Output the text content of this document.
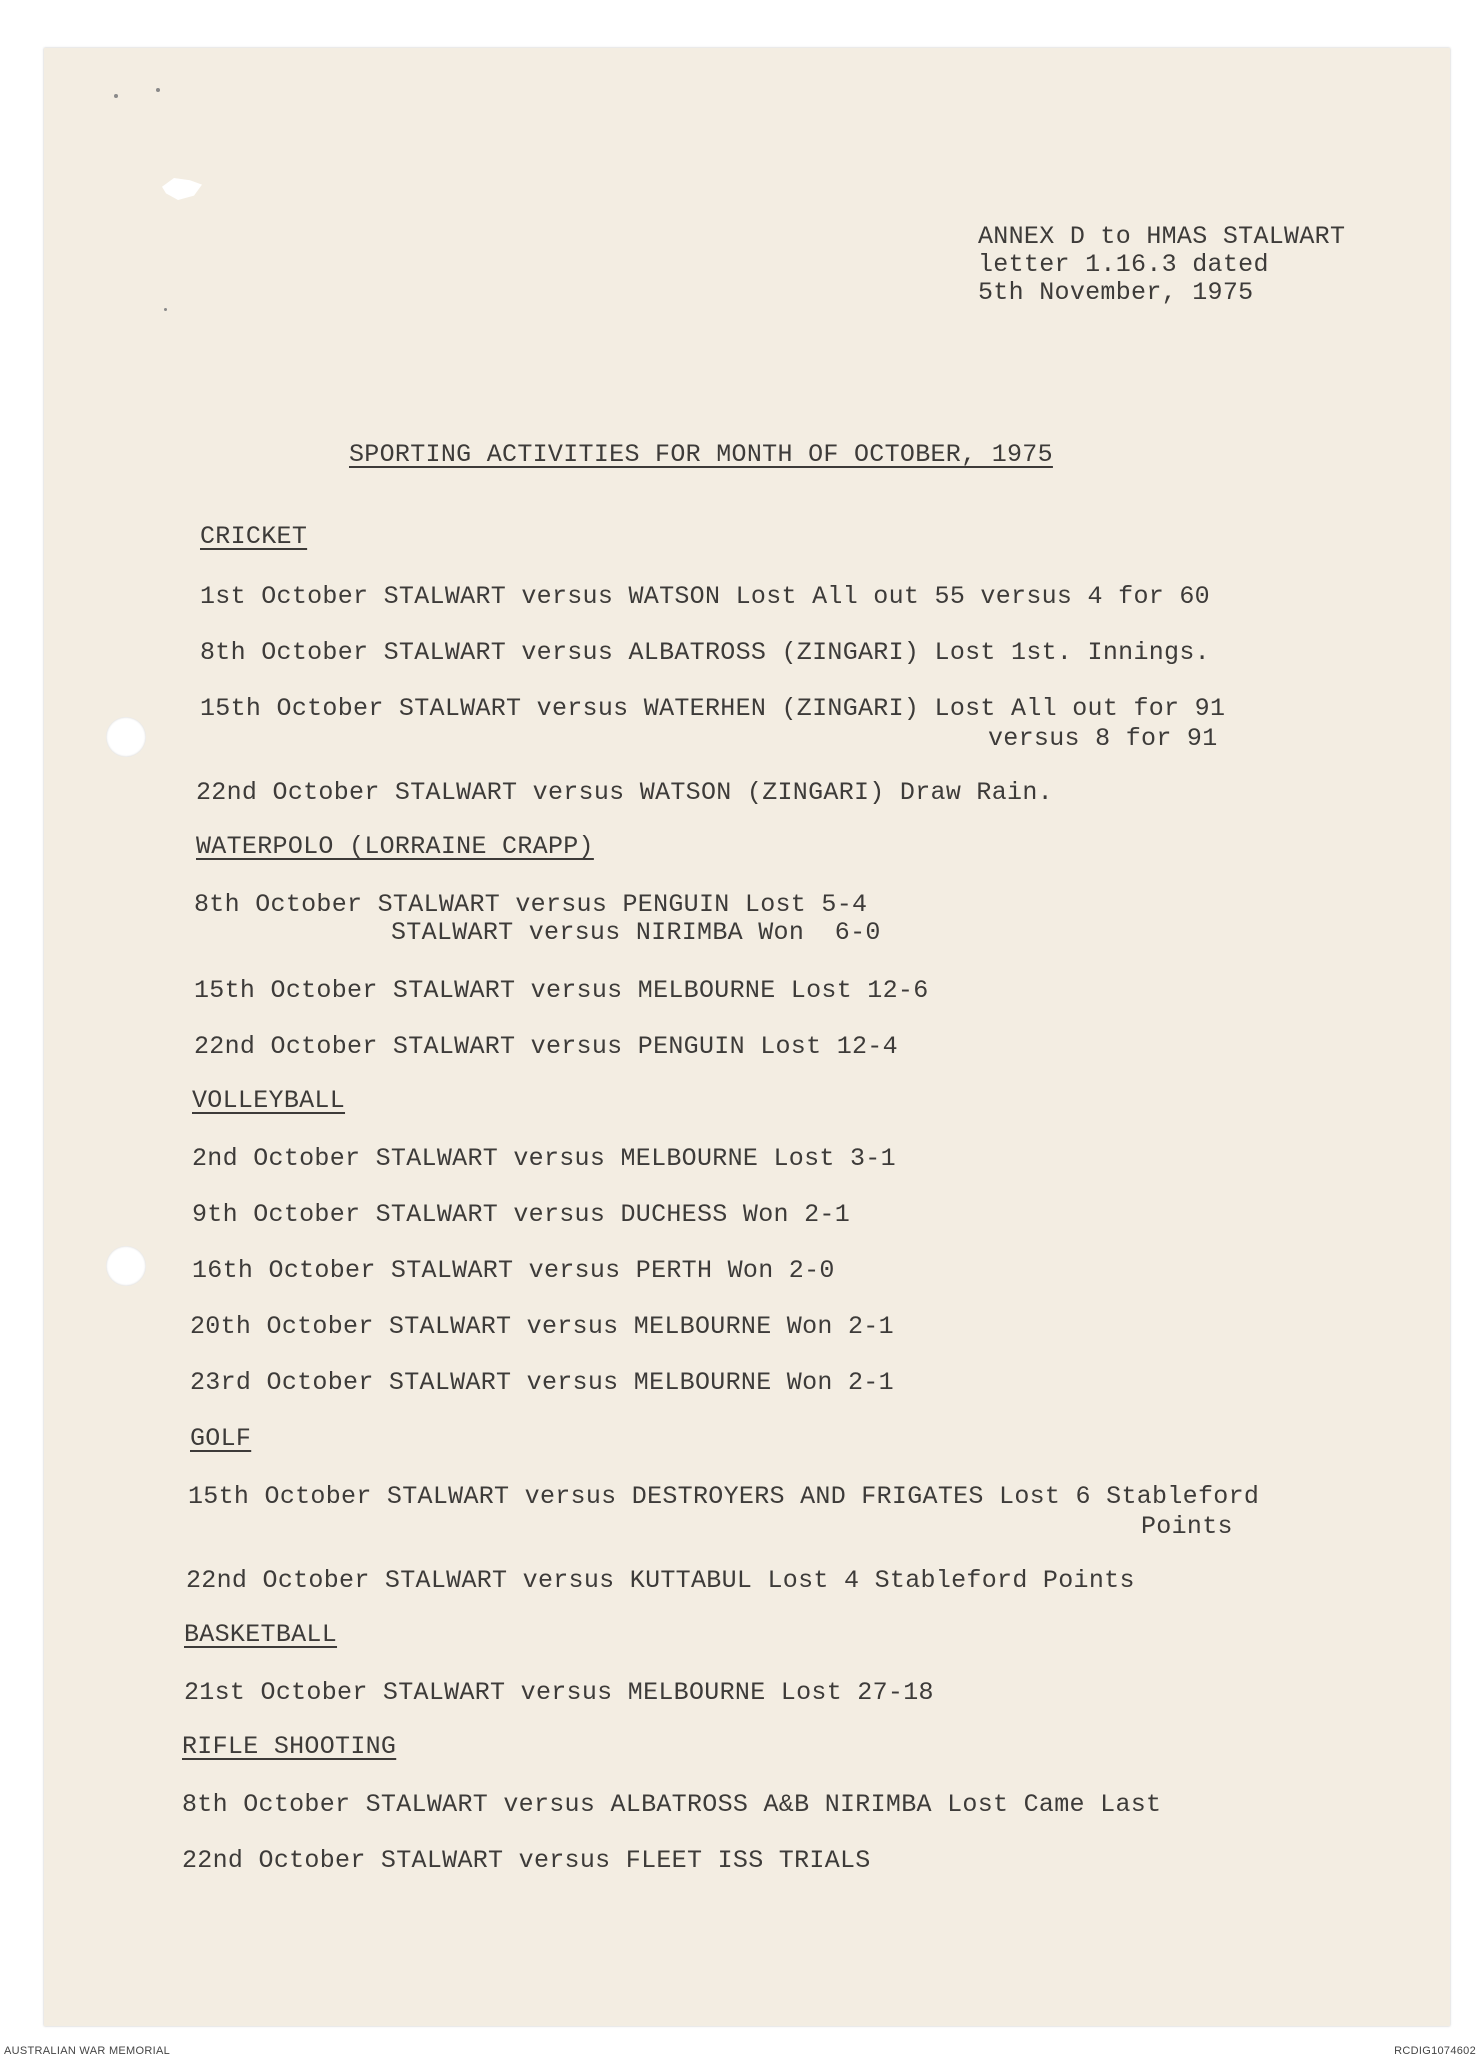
ANNEX D to HMAS STALWART
letter 1.16.3 dated
5th November, 1975
SPORTING ACTIVITIES FOR MONTH OF OCTOBER, 1975
CRICKET
1st October STALWART versus WATSON Lost All out 55 versus 4 for 60
8th October STALWART versus ALBATROSS (ZINGARI) Lost 1st. Innings.
15th October STALWART versus WATERHEN (ZINGARI) Lost All out for 91
versus 8 for 91
22nd October STALWART versus WATSON (ZINGARI) Draw Rain.
WATERPOLO (LORRAINE CRAPP)
8th October STALWART versus PENGUIN Lost 5-4
STALWART versus NIRIMBA Won  6-0
15th October STALWART versus MELBOURNE Lost 12-6
22nd October STALWART versus PENGUIN Lost 12-4
VOLLEYBALL
2nd October STALWART versus MELBOURNE Lost 3-1
9th October STALWART versus DUCHESS Won 2-1
16th October STALWART versus PERTH Won 2-0
20th October STALWART versus MELBOURNE Won 2-1
23rd October STALWART versus MELBOURNE Won 2-1
GOLF
15th October STALWART versus DESTROYERS AND FRIGATES Lost 6 Stableford
Points
22nd October STALWART versus KUTTABUL Lost 4 Stableford Points
BASKETBALL
21st October STALWART versus MELBOURNE Lost 27-18
RIFLE SHOOTING
8th October STALWART versus ALBATROSS A&B NIRIMBA Lost Came Last
22nd October STALWART versus FLEET ISS TRIALS
AUSTRALIAN WAR MEMORIAL	RCDIG1074602
